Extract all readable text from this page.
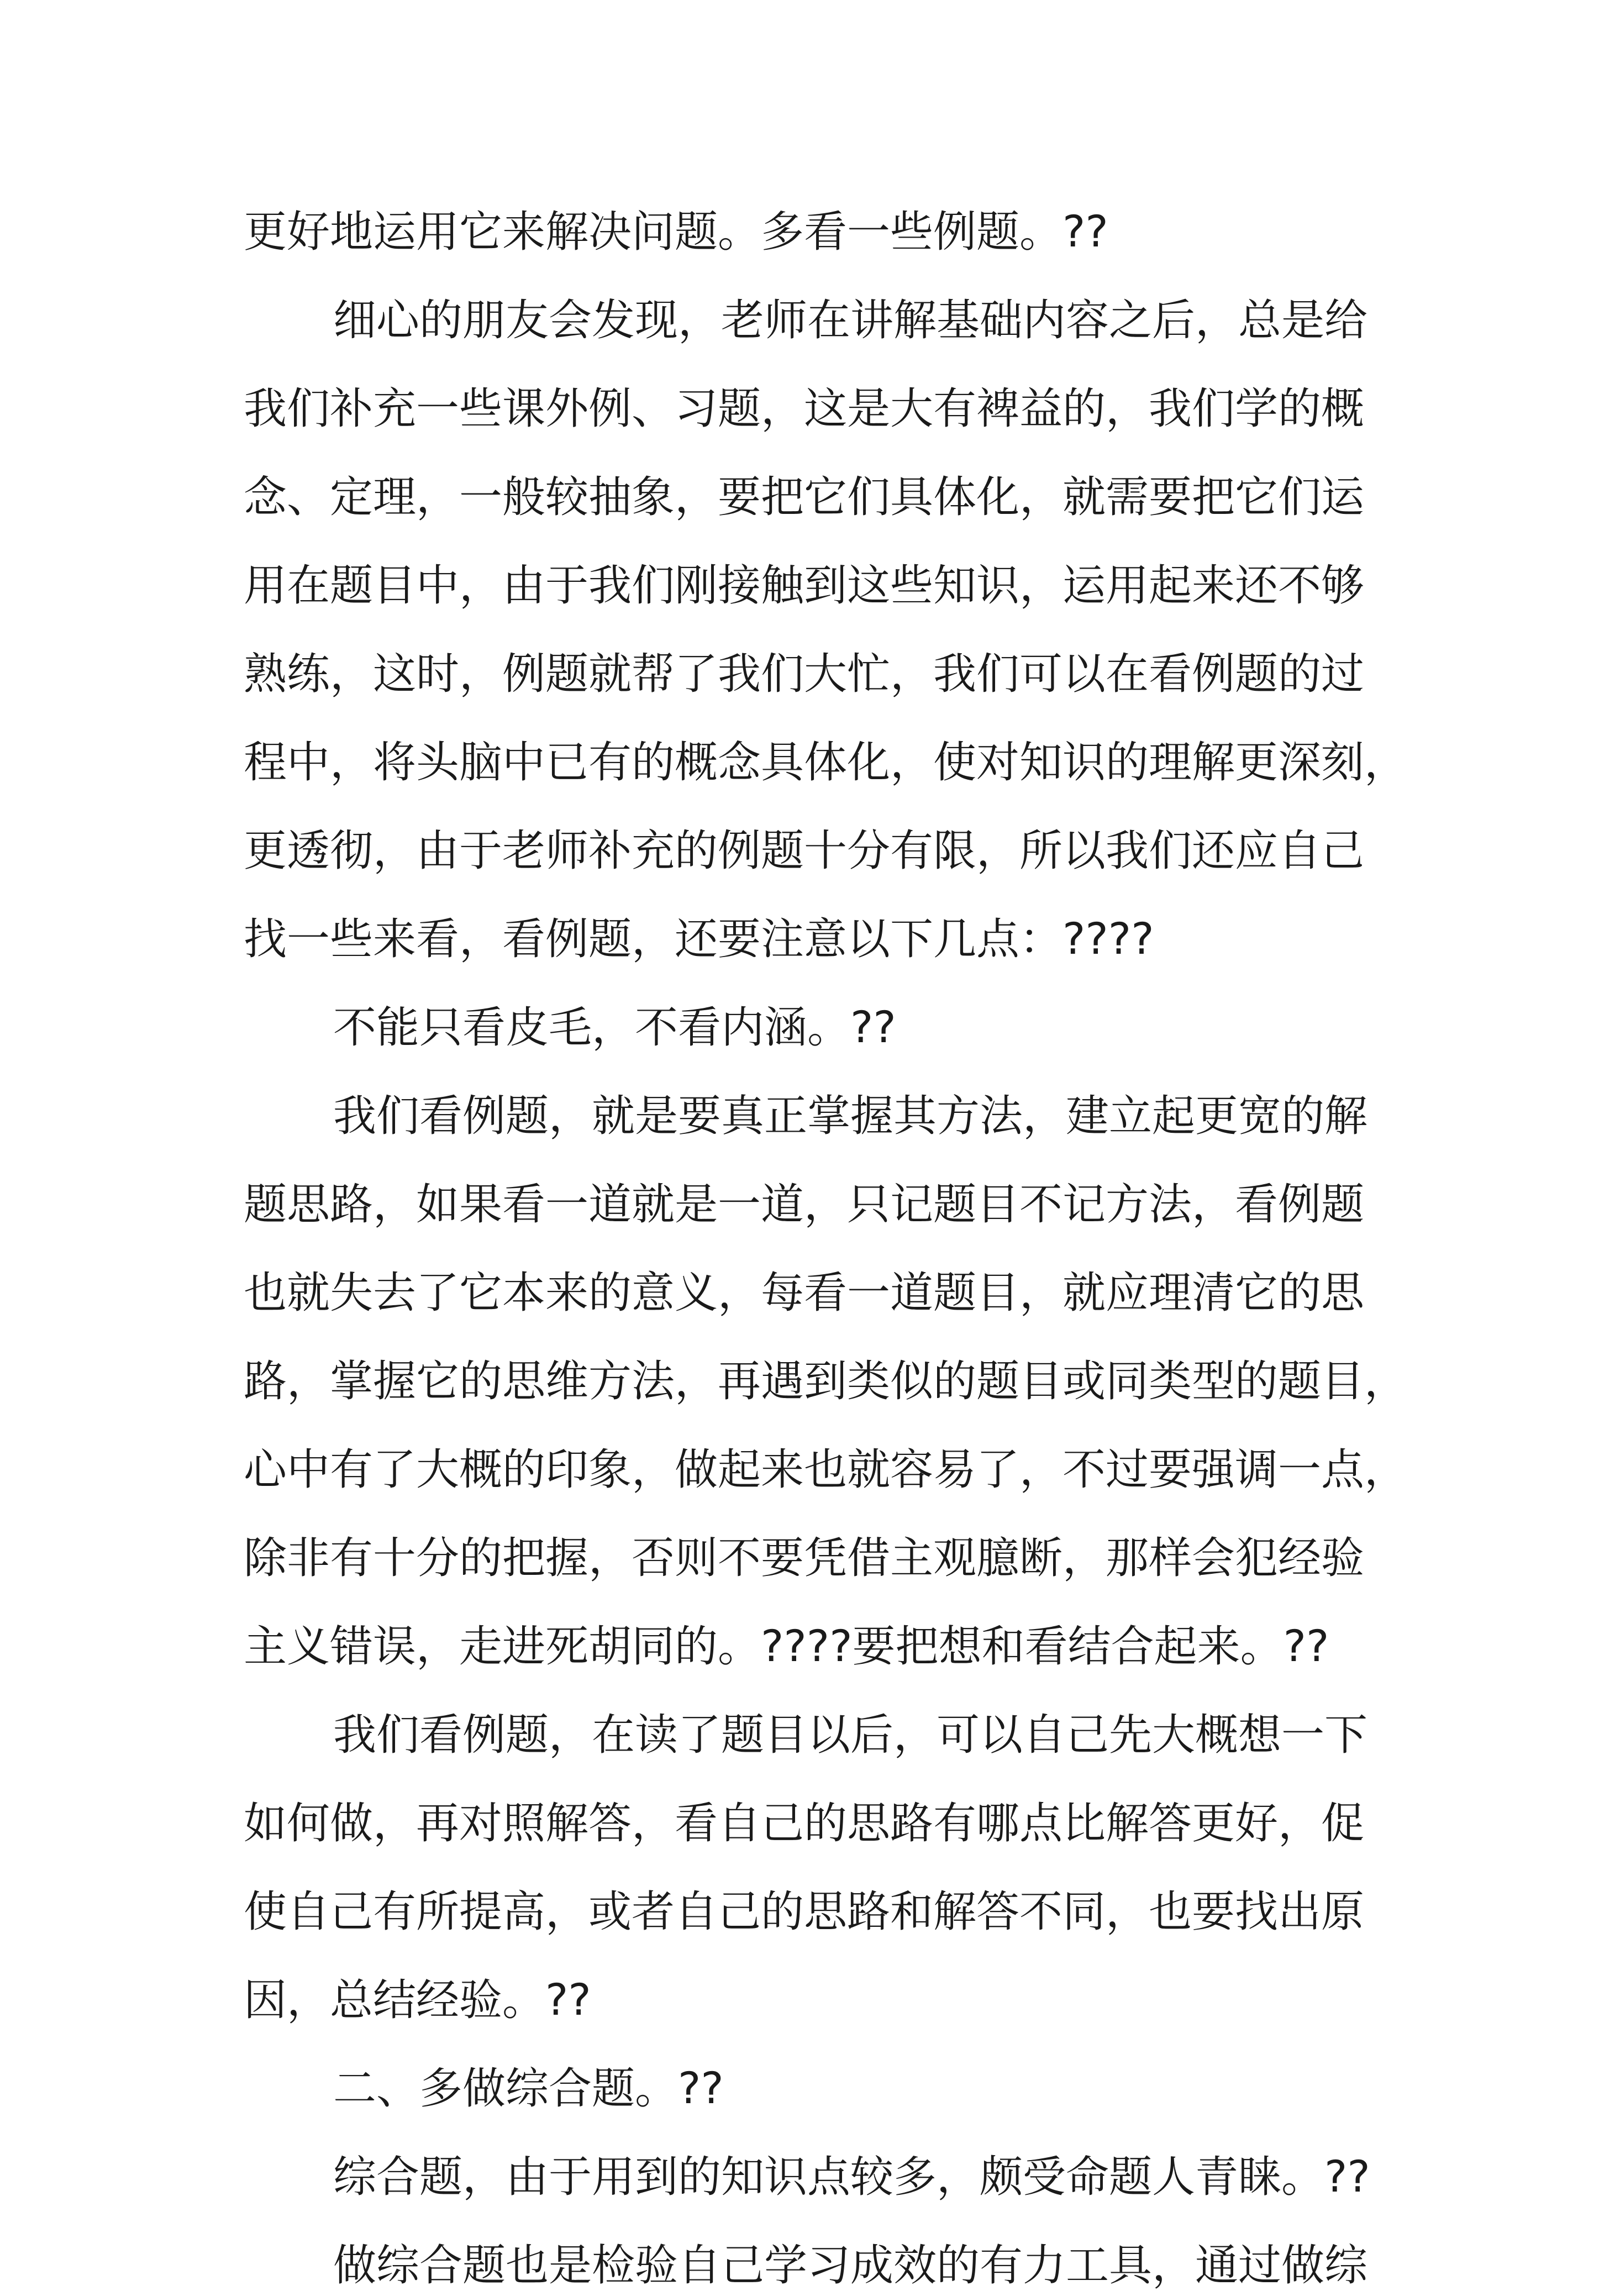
更好地运用它来解决问题。多看一些例题。??

细心的朋友会发现，老师在讲解基础内容之后，总是给

我们补充一些课外例、习题，这是大有裨益的，我们学的概

念、定理，一般较抽象，要把它们具体化，就需要把它们运

用在题目中，由于我们刚接触到这些知识，运用起来还不够

熟练，这时，例题就帮了我们大忙，我们可以在看例题的过

程中，将头脑中已有的概念具体化，使对知识的理解更深刻，

更透彻，由于老师补充的例题十分有限，所以我们还应自己

找一些来看，看例题，还要注意以下几点：????

不能只看皮毛，不看内涵。??

我们看例题，就是要真正掌握其方法，建立起更宽的解

题思路，如果看一道就是一道，只记题目不记方法，看例题

也就失去了它本来的意义，每看一道题目，就应理清它的思

路，掌握它的思维方法，再遇到类似的题目或同类型的题目，

心中有了大概的印象，做起来也就容易了，不过要强调一点，

除非有十分的把握，否则不要凭借主观臆断，那样会犯经验

主义错误，走进死胡同的。????要把想和看结合起来。??

我们看例题，在读了题目以后，可以自己先大概想一下

如何做，再对照解答，看自己的思路有哪点比解答更好，促

使自己有所提高，或者自己的思路和解答不同，也要找出原

因，总结经验。??

二、多做综合题。??

综合题，由于用到的知识点较多，颇受命题人青睐。??

做综合题也是检验自己学习成效的有力工具，通过做综
